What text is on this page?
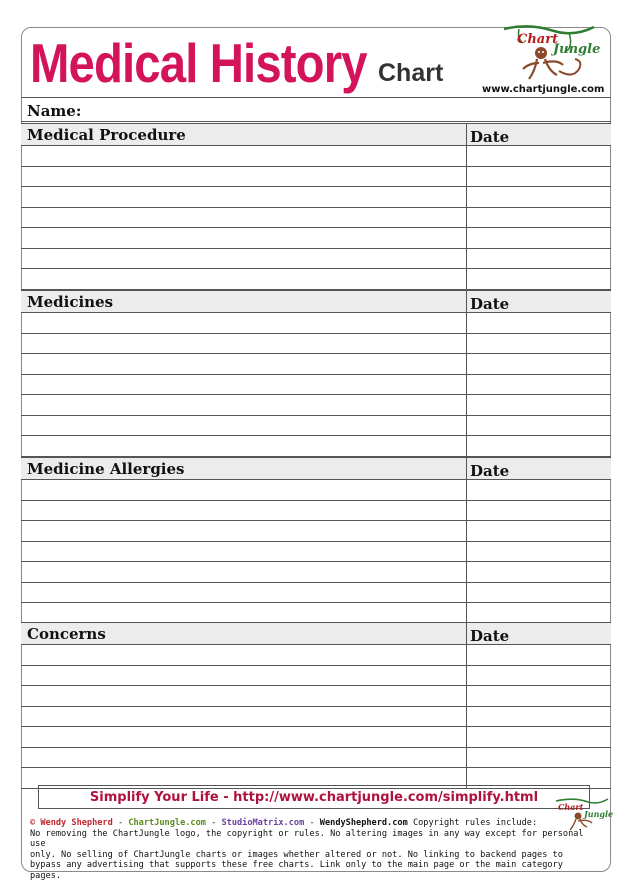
Medical History Chart
Chart
Jungle
www.chartjungle.com
Name:
Medical Procedure	Date
Medicines	Date
Medicine Allergies	Date
Concerns	Date
Simplify Your Life - http://www.chartjungle.com/simplify.html
Chart
Jungle
© Wendy Shepherd - ChartJungle.com - StudioMatrix.com - WendyShepherd.com Copyright rules include:
No removing the ChartJungle logo, the copyright or rules. No altering images in any way except for personal use
only. No selling of ChartJungle charts or images whether altered or not. No linking to backend pages to
bypass any advertising that supports these free charts. Link only to the main page or the main category pages.
